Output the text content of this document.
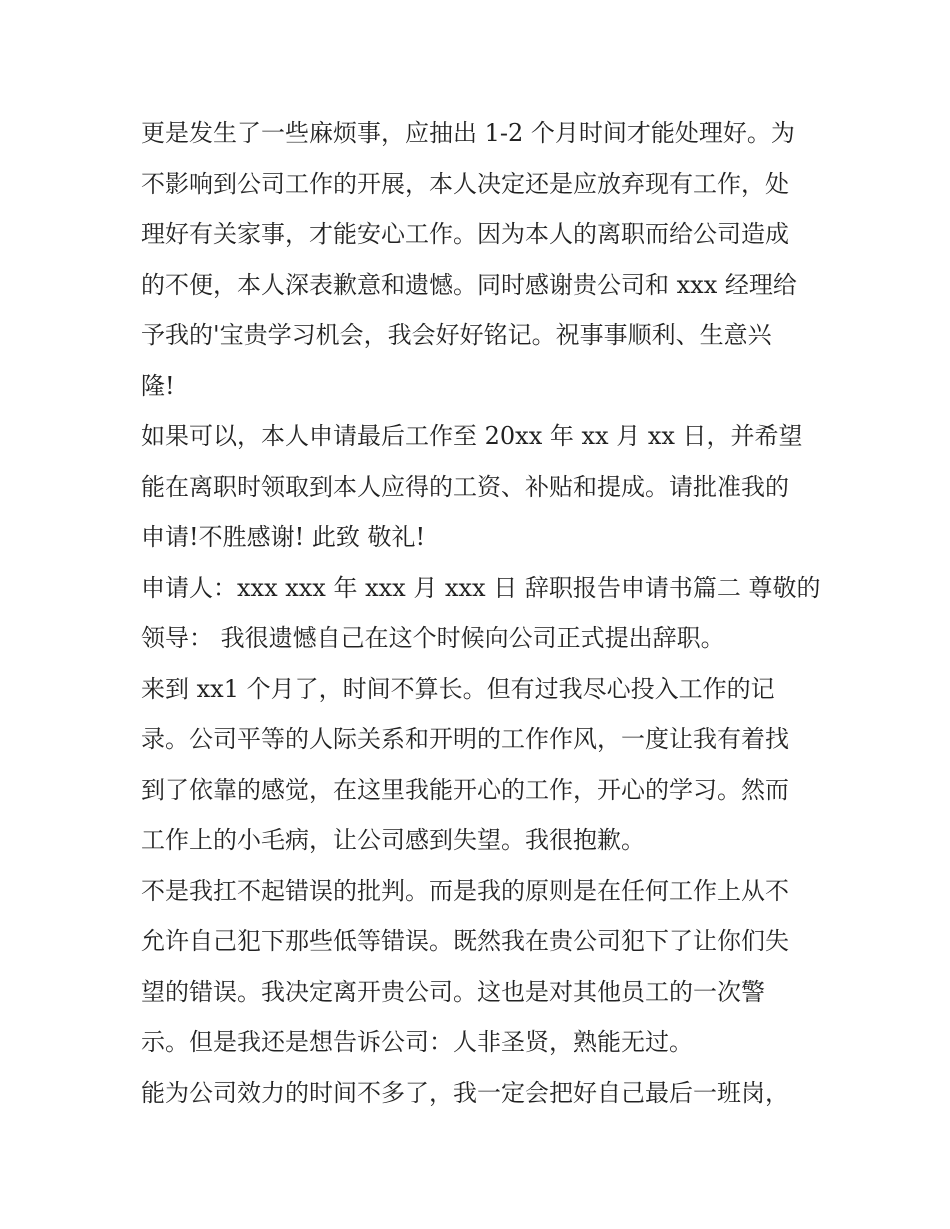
更是发生了一些麻烦事，应抽出 1-2 个月时间才能处理好。为
不影响到公司工作的开展，本人决定还是应放弃现有工作，处
理好有关家事，才能安心工作。因为本人的离职而给公司造成
的不便，本人深表歉意和遗憾。同时感谢贵公司和 xxx 经理给
予我的'宝贵学习机会，我会好好铭记。祝事事顺利、生意兴
隆!
如果可以，本人申请最后工作至 20xx 年 xx 月 xx 日，并希望
能在离职时领取到本人应得的工资、补贴和提成。请批准我的
申请!不胜感谢! 此致 敬礼!
申请人：xxx xxx 年 xxx 月 xxx 日 辞职报告申请书篇二 尊敬的
领导： 我很遗憾自己在这个时候向公司正式提出辞职。
来到 xx1 个月了，时间不算长。但有过我尽心投入工作的记
录。公司平等的人际关系和开明的工作作风，一度让我有着找
到了依靠的感觉，在这里我能开心的工作，开心的学习。然而
工作上的小毛病，让公司感到失望。我很抱歉。
不是我扛不起错误的批判。而是我的原则是在任何工作上从不
允许自己犯下那些低等错误。既然我在贵公司犯下了让你们失
望的错误。我决定离开贵公司。这也是对其他员工的一次警
示。但是我还是想告诉公司：人非圣贤，熟能无过。
能为公司效力的时间不多了，我一定会把好自己最后一班岗，
